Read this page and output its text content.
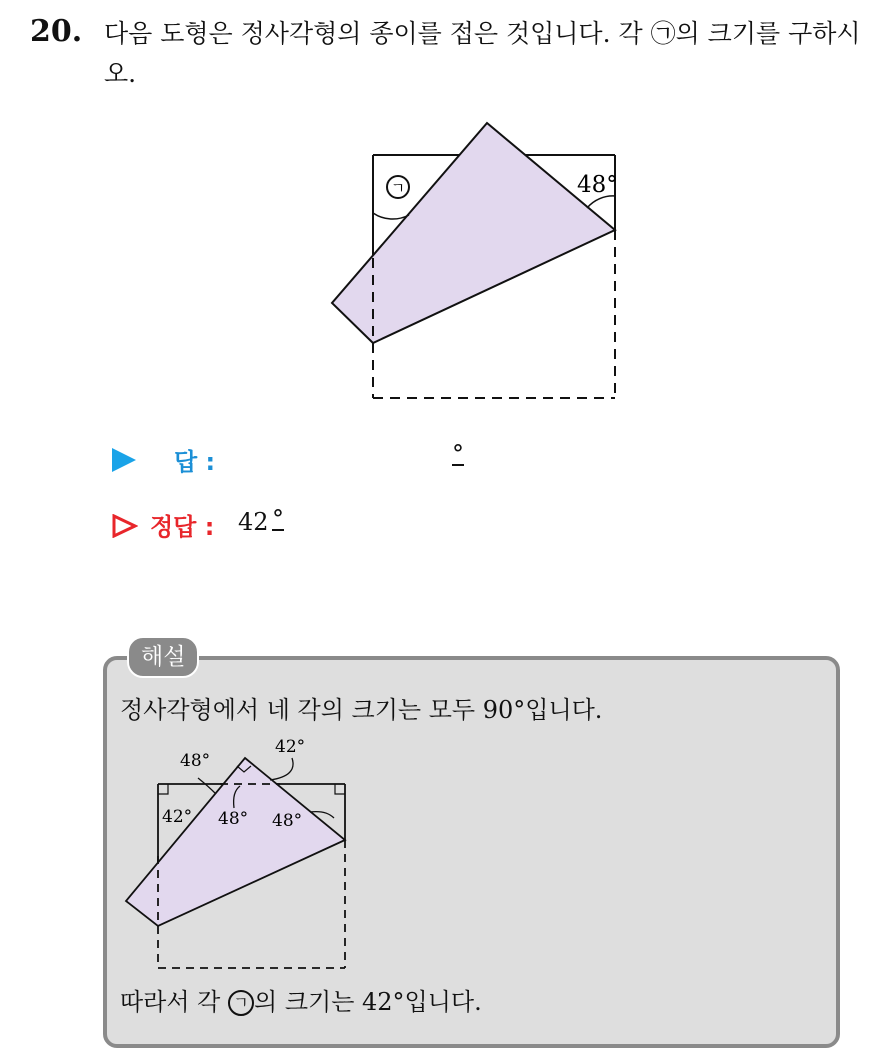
20. 다음 도형은 정사각형의 종이를 접은 것입니다. 각 ㉠의 크기를 구하시오.
48°
ㄱ
답 :	°
정답 : 42 °
해설
정사각형에서 네 각의 크기는 모두 90°입니다.
48°
42°
42° 48° 48°
따라서 각 ㄱ 의 크기는 42°입니다.
